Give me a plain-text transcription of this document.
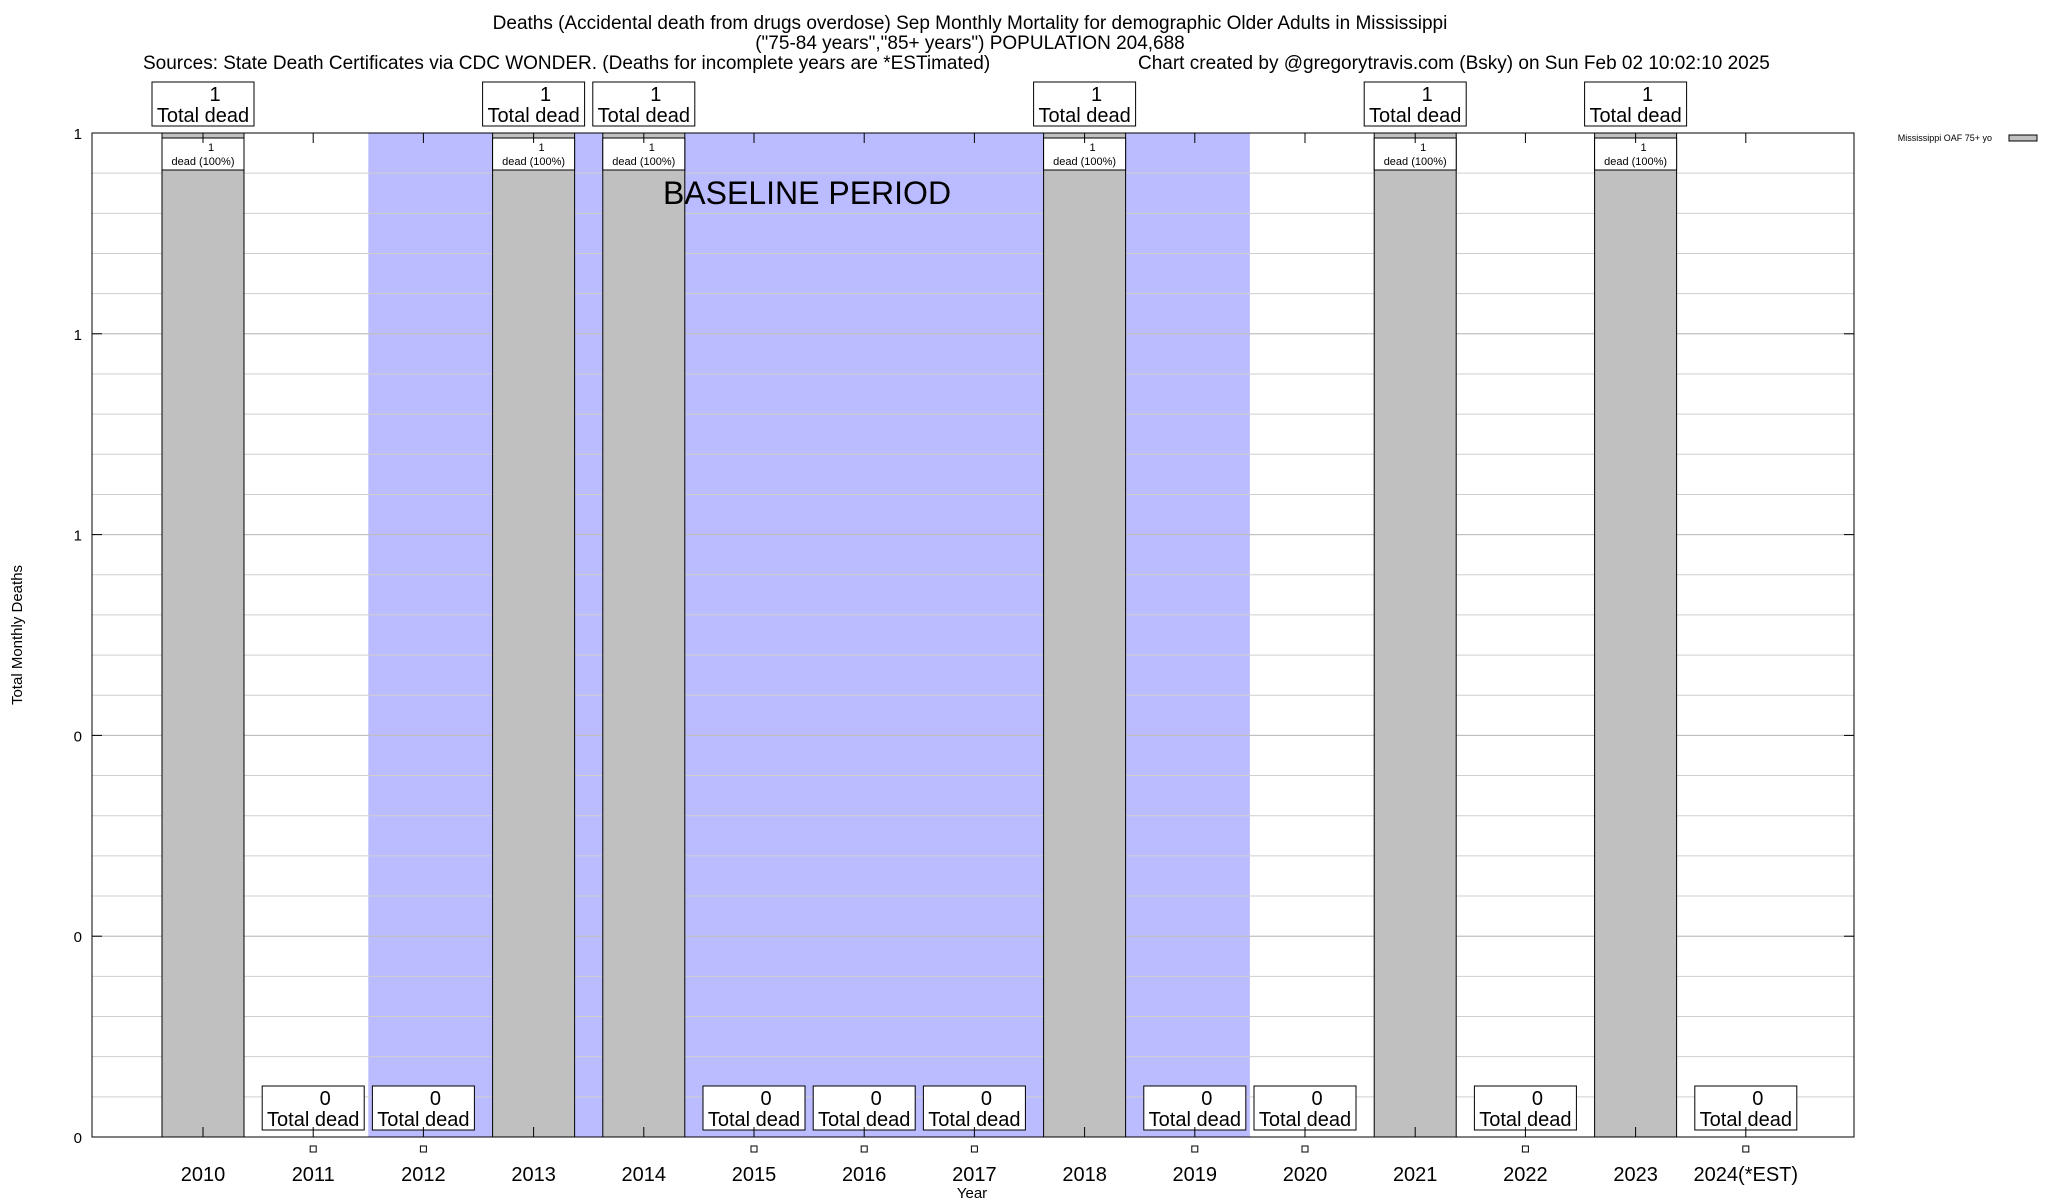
Deaths (Accidental death from drugs overdose) Sep Monthly Mortality for demographic Older Adults in Mississippi
("75-84 years","85+ years") POPULATION 204,688
Sources: State Death Certificates via CDC WONDER. (Deaths for incomplete years are *ESTimated)	Chart created by @gregorytravis.com (Bsky) on Sun Feb 02 10:02:10 2025
BASELINE PERIOD
1
Total dead
1
dead (100%)
0
Total dead
0
Total dead
1
Total dead
1
dead (100%)
1
Total dead
1
dead (100%)
0
Total dead
0
Total dead
0
Total dead
1
Total dead
1
dead (100%)
0
Total dead
0
Total dead
1
Total dead
1
dead (100%)
0
Total dead
1
Total dead
1
dead (100%)
0
Total dead
0
0
0
1
1
1
2010	2011	2012	2013	2014	2015	2016	2017	2018	2019	2020	2021	2022	2023 2024(*EST)
Year
Total Monthly Deaths
Mississippi OAF 75+ yo
